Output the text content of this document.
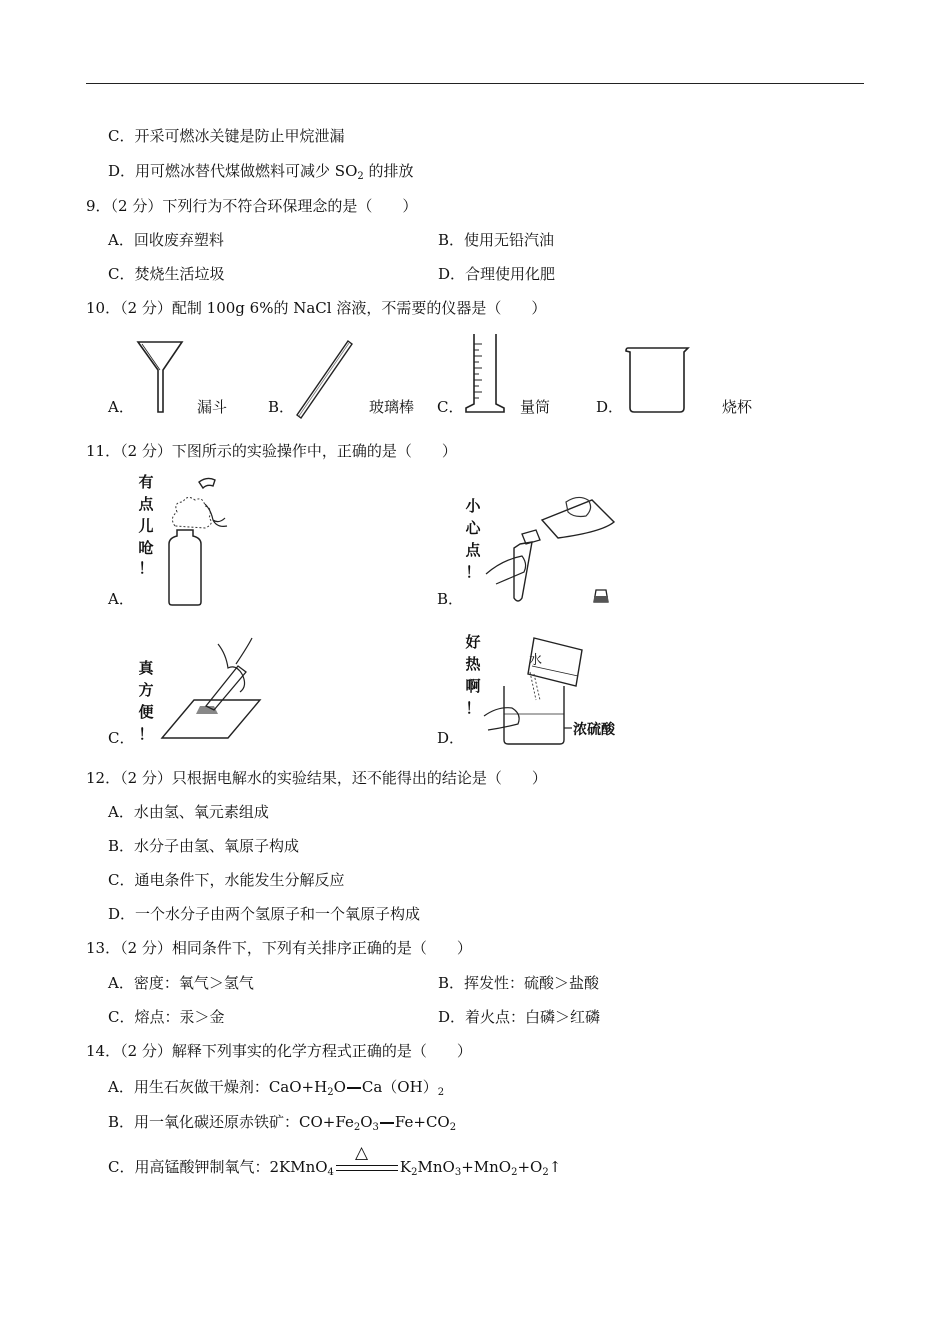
C．开采可燃冰关键是防止甲烷泄漏
D．用可燃冰替代煤做燃料可减少 $SO_2$ 的排放
9．（2 分）下列行为不符合环保理念的是（　　）
A．回收废弃塑料	B．使用无铅汽油
C．焚烧生活垃圾	D．合理使用化肥
10．（2 分）配制 100g 6%的 NaCl 溶液，不需要的仪器是（　　）
A．	漏斗	B．	玻璃棒 C．	量筒	D．	烧杯
11．（2 分）下图所示的实验操作中，正确的是（　　）
有
点
儿
呛
！
A．
小
心
点
！
B．
真
方
便
！
C．
好
热
啊
！
水
浓硫酸
D．
12．（2 分）只根据电解水的实验结果，还不能得出的结论是（　　）
A．水由氢、氧元素组成
B．水分子由氢、氧原子构成
C．通电条件下，水能发生分解反应
D．一个水分子由两个氢原子和一个氧原子构成
13．（2 分）相同条件下，下列有关排序正确的是（　　）
A．密度：氧气＞氢气	B．挥发性：硫酸＞盐酸
C．熔点：汞＞金	D．着火点：白磷＞红磷
14．（2 分）解释下列事实的化学方程式正确的是（　　）
A．用生石灰做干燥剂：$CaO+H_2O$ $Ca(OH)_2$
B．用一氧化碳还原赤铁矿：$CO+Fe_2O_3$ $Fe+CO_2$
△
C．用高锰酸钾制氧气：2KMnO$_4$	$K_2MnO_3+MnO_2+O_2↑$
